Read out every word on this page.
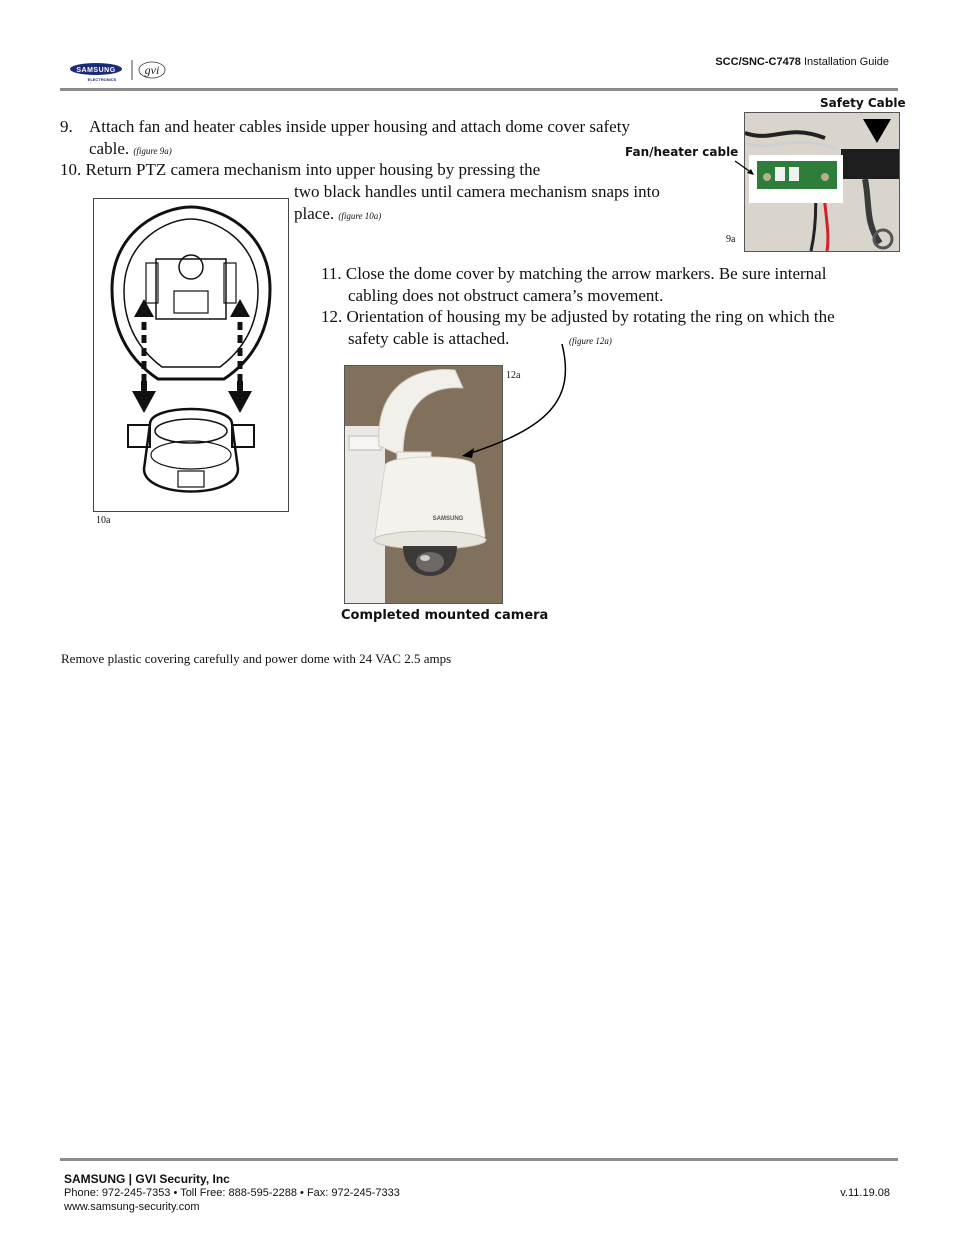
SAMSUNG
ELECTRONICS
gvi
SCC/SNC-C7478 Installation Guide
9. Attach fan and heater cables inside upper housing and attach dome cover safety
cable. (figure 9a)
10. Return PTZ camera mechanism into upper housing by pressing the
two black handles until camera mechanism snaps into
place. (figure 10a)
11. Close the dome cover by matching the arrow markers. Be sure internal
cabling does not obstruct camera’s movement.
12. Orientation of housing my be adjusted by rotating the ring on which the
safety cable is attached.	(figure 12a)
Safety Cable
Fan/heater cable
9a
10a	SAMSUNG
12a
Completed mounted camera
Remove plastic covering carefully and power dome with 24 VAC 2.5 amps
SAMSUNG | GVI Security, Inc
Phone: 972-245-7353 • Toll Free: 888-595-2288 • Fax: 972-245-7333
www.samsung-security.com
v.11.19.08
